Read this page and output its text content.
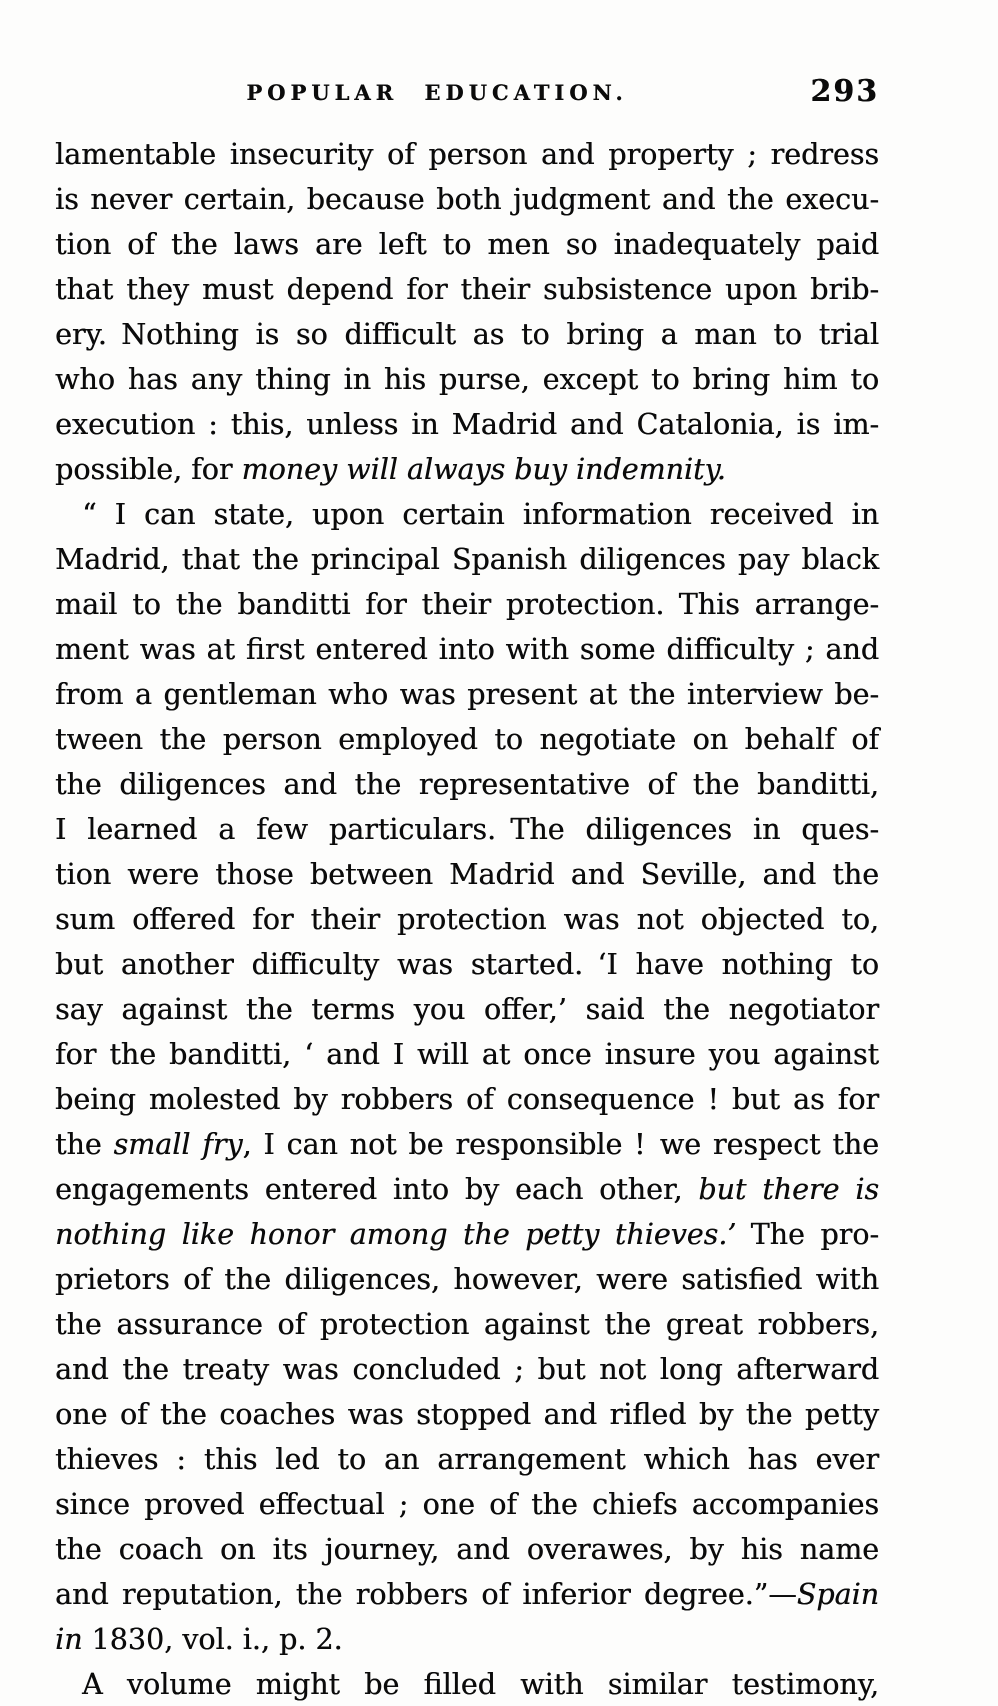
POPULAR EDUCATION.	293
lamentable insecurity of person and property ; redress
is never certain, because both judgment and the execu-
tion of the laws are left to men so inadequately paid
that they must depend for their subsistence upon brib-
ery. Nothing is so difficult as to bring a man to trial
who has any thing in his purse, except to bring him to
execution : this, unless in Madrid and Catalonia, is im-
possible, for money will always buy indemnity.
“ I can state, upon certain information received in
Madrid, that the principal Spanish diligences pay black
mail to the banditti for their protection. This arrange-
ment was at first entered into with some difficulty ; and
from a gentleman who was present at the interview be-
tween the person employed to negotiate on behalf of
the diligences and the representative of the banditti,
I learned a few particulars. The diligences in ques-
tion were those between Madrid and Seville, and the
sum offered for their protection was not objected to,
but another difficulty was started. ‘I have nothing to
say against the terms you offer,’ said the negotiator
for the banditti, ‘ and I will at once insure you against
being molested by robbers of consequence ! but as for
the small fry, I can not be responsible ! we respect the
engagements entered into by each other, but there is
nothing like honor among the petty thieves.’ The pro-
prietors of the diligences, however, were satisfied with
the assurance of protection against the great robbers,
and the treaty was concluded ; but not long afterward
one of the coaches was stopped and rifled by the petty
thieves : this led to an arrangement which has ever
since proved effectual ; one of the chiefs accompanies
the coach on its journey, and overawes, by his name
and reputation, the robbers of inferior degree.”—Spain
in 1830, vol. i., p. 2.
A volume might be filled with similar testimony,
